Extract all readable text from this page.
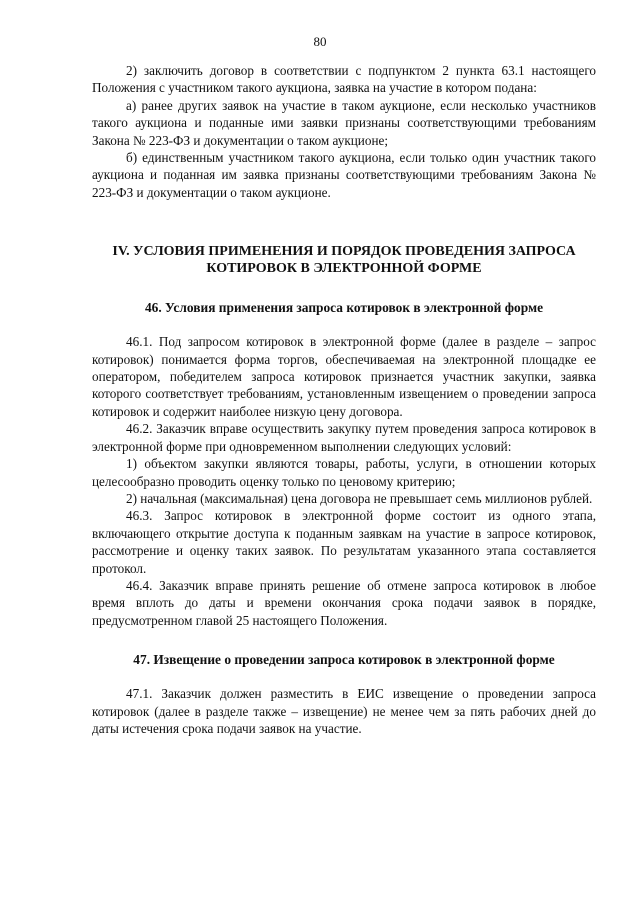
80

2) заключить договор в соответствии с подпунктом 2 пункта 63.1 настоящего Положения с участником такого аукциона, заявка на участие в котором подана:

а) ранее других заявок на участие в таком аукционе, если несколько участников такого аукциона и поданные ими заявки признаны соответствующими требованиям Закона № 223-ФЗ и документации о таком аукционе;

б) единственным участником такого аукциона, если только один участник такого аукциона и поданная им заявка признаны соответствующими требованиям Закона № 223-ФЗ и документации о таком аукционе.

IV. УСЛОВИЯ ПРИМЕНЕНИЯ И ПОРЯДОК ПРОВЕДЕНИЯ ЗАПРОСА
КОТИРОВОК В ЭЛЕКТРОННОЙ ФОРМЕ
46. Условия применения запроса котировок в электронной форме

46.1. Под запросом котировок в электронной форме (далее в разделе – запрос котировок) понимается форма торгов, обеспечиваемая на электронной площадке ее оператором, победителем запроса котировок признается участник закупки, заявка которого соответствует требованиям, установленным извещением о проведении запроса котировок и содержит наиболее низкую цену договора.

46.2. Заказчик вправе осуществить закупку путем проведения запроса котировок в электронной форме при одновременном выполнении следующих условий:

1) объектом закупки являются товары, работы, услуги, в отношении которых целесообразно проводить оценку только по ценовому критерию;

2) начальная (максимальная) цена договора не превышает семь миллионов рублей.

46.3. Запрос котировок в электронной форме состоит из одного этапа, включающего открытие доступа к поданным заявкам на участие в запросе котировок, рассмотрение и оценку таких заявок. По результатам указанного этапа составляется протокол.

46.4. Заказчик вправе принять решение об отмене запроса котировок в любое время вплоть до даты и времени окончания срока подачи заявок в порядке, предусмотренном главой 25 настоящего Положения.

47. Извещение о проведении запроса котировок в электронной форме

47.1. Заказчик должен разместить в ЕИС извещение о проведении запроса котировок (далее в разделе также – извещение) не менее чем за пять рабочих дней до даты истечения срока подачи заявок на участие.
